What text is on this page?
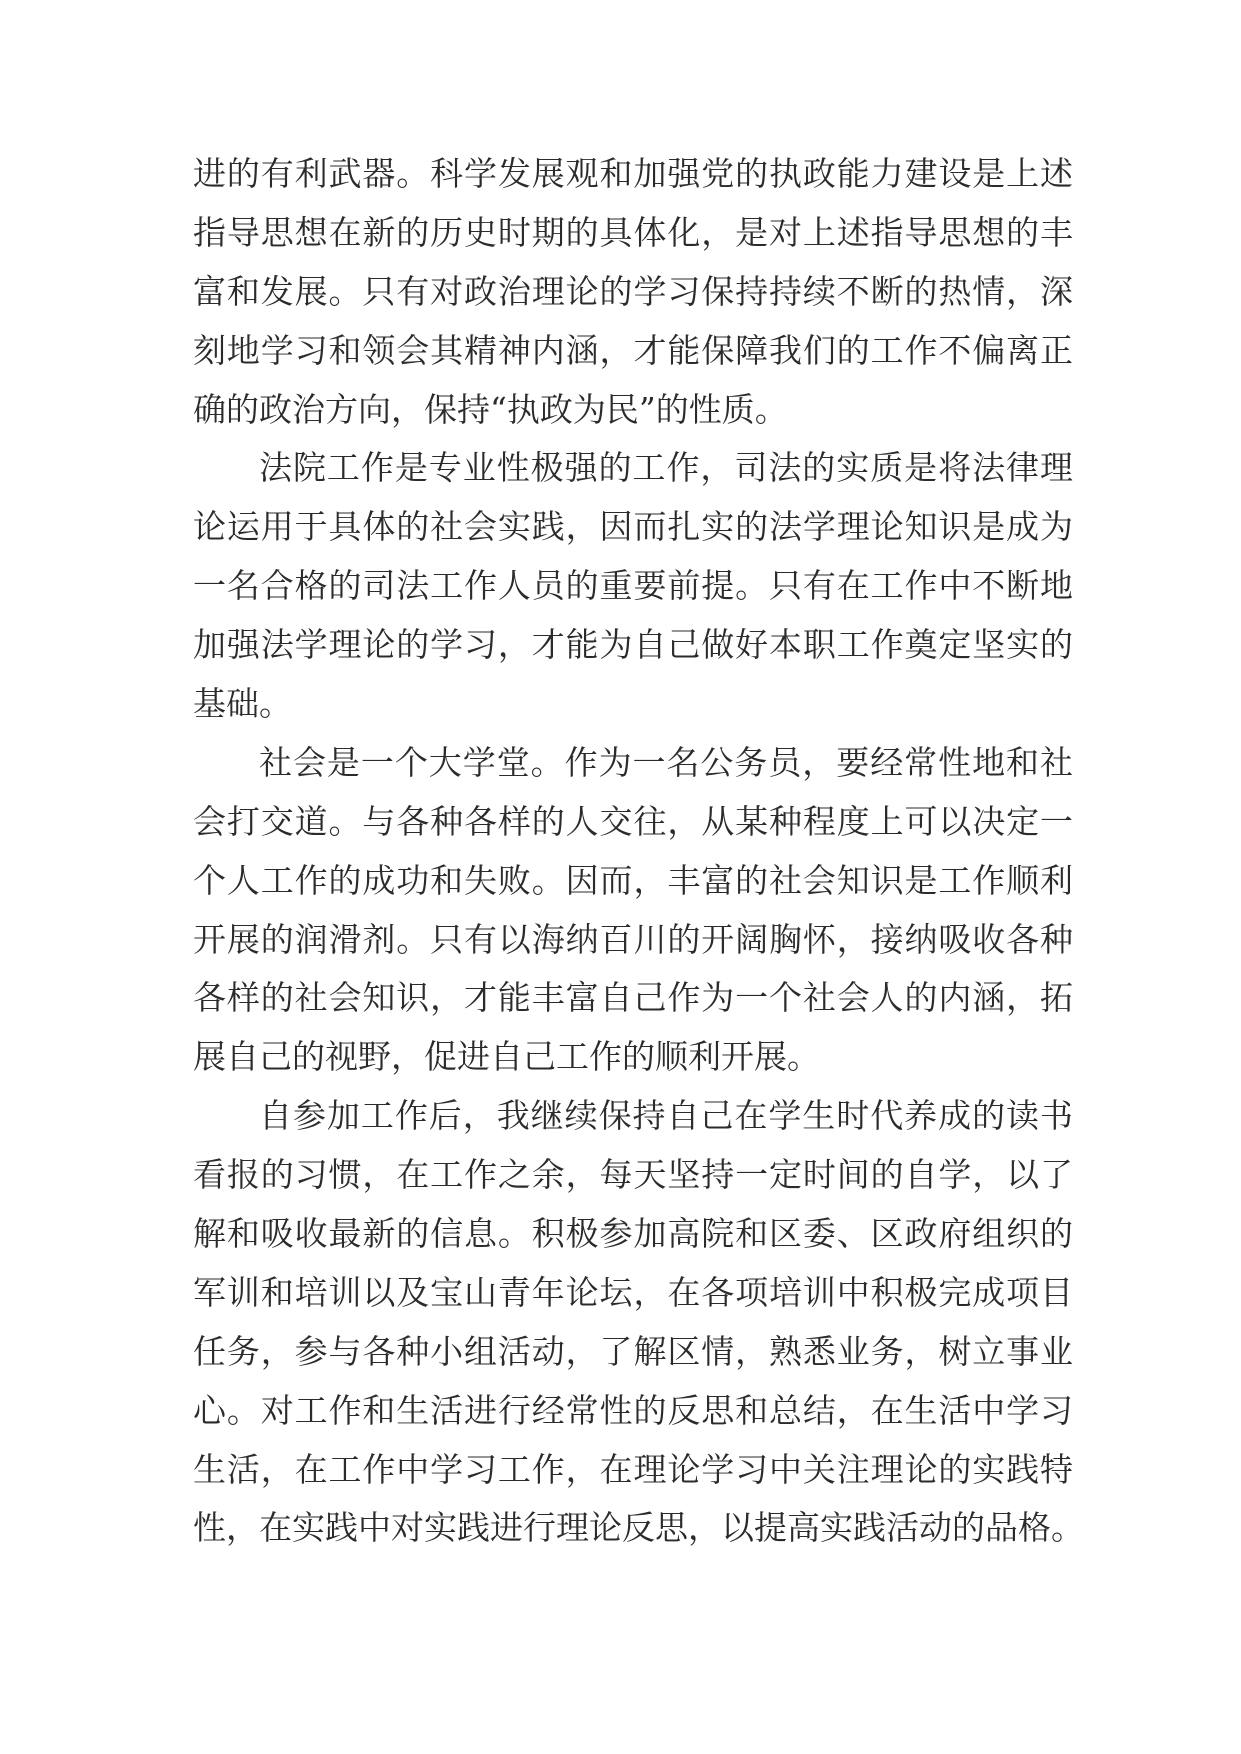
进的有利武器。科学发展观和加强党的执政能力建设是上述
指导思想在新的历史时期的具体化，是对上述指导思想的丰
富和发展。只有对政治理论的学习保持持续不断的热情，深
刻地学习和领会其精神内涵，才能保障我们的工作不偏离正
确的政治方向，保持“执政为民”的性质。
法院工作是专业性极强的工作，司法的实质是将法律理
论运用于具体的社会实践，因而扎实的法学理论知识是成为
一名合格的司法工作人员的重要前提。只有在工作中不断地
加强法学理论的学习，才能为自己做好本职工作奠定坚实的
基础。
社会是一个大学堂。作为一名公务员，要经常性地和社
会打交道。与各种各样的人交往，从某种程度上可以决定一
个人工作的成功和失败。因而，丰富的社会知识是工作顺利
开展的润滑剂。只有以海纳百川的开阔胸怀，接纳吸收各种
各样的社会知识，才能丰富自己作为一个社会人的内涵，拓
展自己的视野，促进自己工作的顺利开展。
自参加工作后，我继续保持自己在学生时代养成的读书
看报的习惯，在工作之余，每天坚持一定时间的自学，以了
解和吸收最新的信息。积极参加高院和区委、区政府组织的
军训和培训以及宝山青年论坛，在各项培训中积极完成项目
任务，参与各种小组活动，了解区情，熟悉业务，树立事业
心。对工作和生活进行经常性的反思和总结，在生活中学习
生活，在工作中学习工作，在理论学习中关注理论的实践特
性，在实践中对实践进行理论反思，以提高实践活动的品格。
